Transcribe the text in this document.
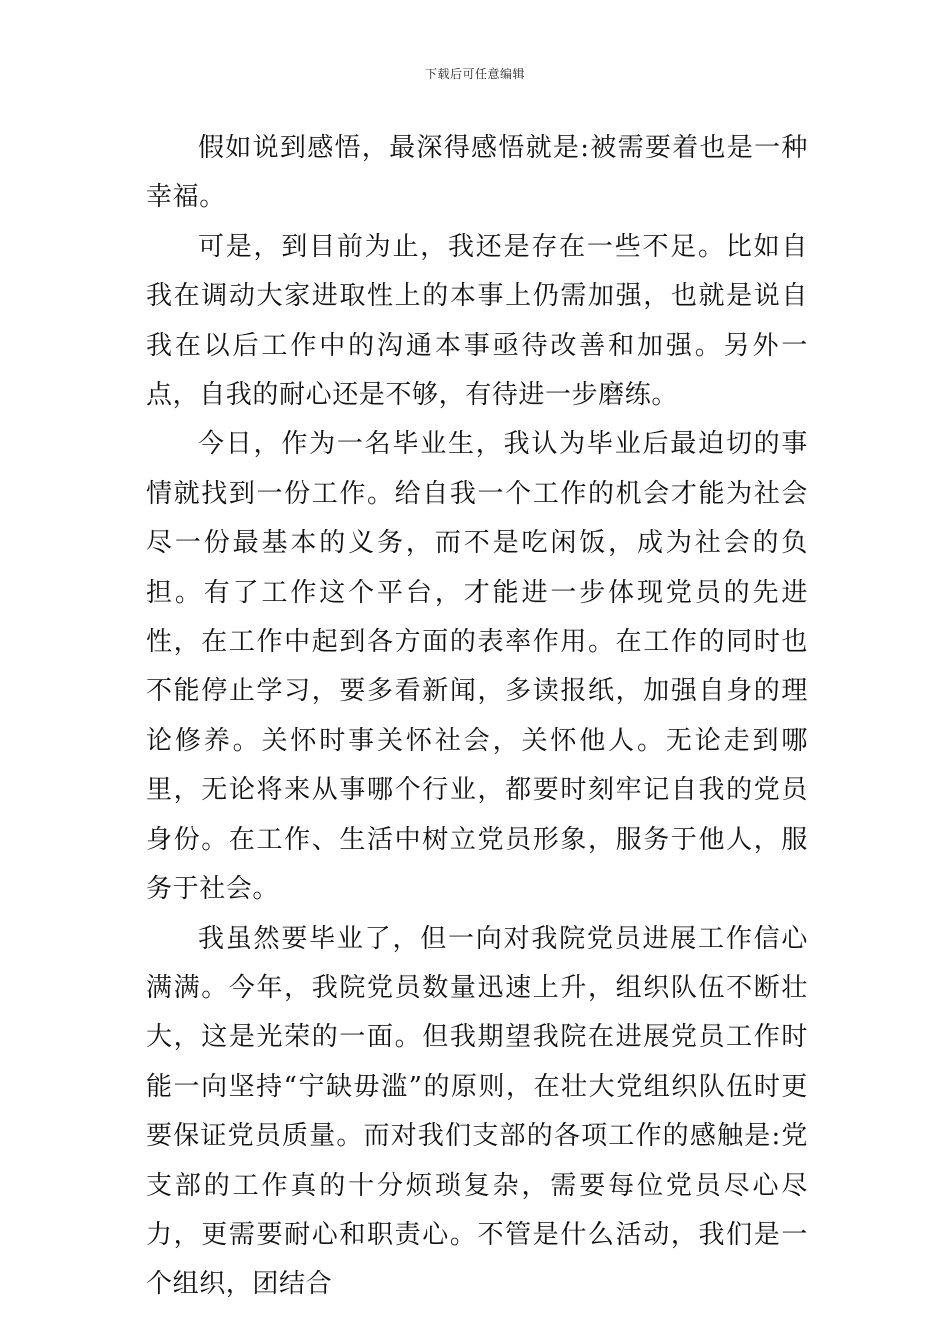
下载后可任意编辑

假如说到感悟，最深得感悟就是:被需要着也是一种幸福。

可是，到目前为止，我还是存在一些不足。比如自我在调动大家进取性上的本事上仍需加强，也就是说自我在以后工作中的沟通本事亟待改善和加强。另外一点，自我的耐心还是不够，有待进一步磨练。

今日，作为一名毕业生，我认为毕业后最迫切的事情就找到一份工作。给自我一个工作的机会才能为社会尽一份最基本的义务，而不是吃闲饭，成为社会的负担。有了工作这个平台，才能进一步体现党员的先进性，在工作中起到各方面的表率作用。在工作的同时也不能停止学习，要多看新闻，多读报纸，加强自身的理论修养。关怀时事关怀社会，关怀他人。无论走到哪里，无论将来从事哪个行业，都要时刻牢记自我的党员身份。在工作、生活中树立党员形象，服务于他人，服务于社会。

我虽然要毕业了，但一向对我院党员进展工作信心满满。今年，我院党员数量迅速上升，组织队伍不断壮大，这是光荣的一面。但我期望我院在进展党员工作时能一向坚持“宁缺毋滥”的原则，在壮大党组织队伍时更要保证党员质量。而对我们支部的各项工作的感触是:党支部的工作真的十分烦琐复杂，需要每位党员尽心尽力，更需要耐心和职责心。不管是什么活动，我们是一个组织，团结合
